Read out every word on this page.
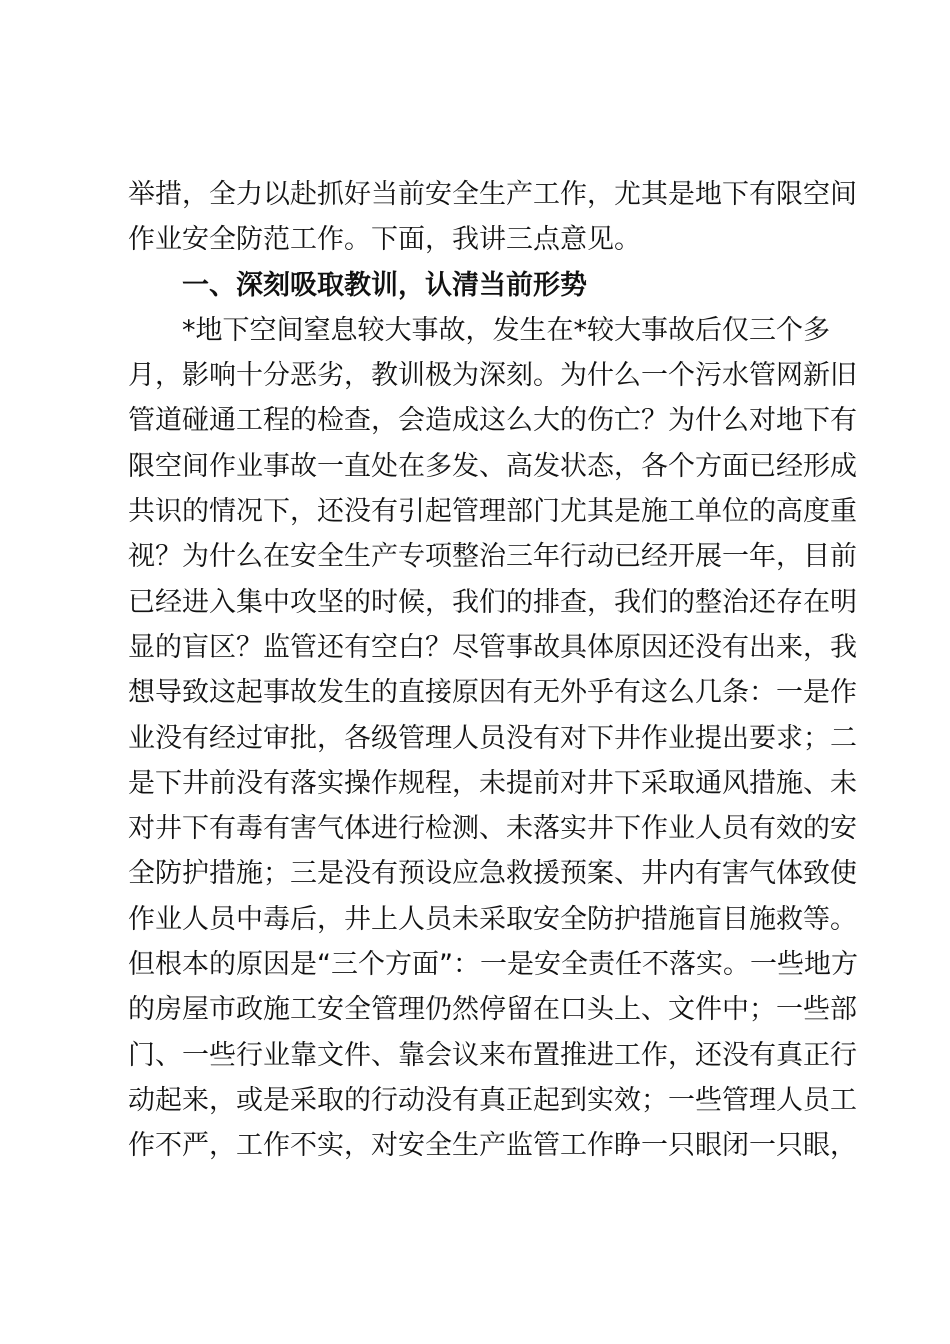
举措，全力以赴抓好当前安全生产工作，尤其是地下有限空间
作业安全防范工作。下面，我讲三点意见。
一、深刻吸取教训，认清当前形势
*地下空间窒息较大事故，发生在*较大事故后仅三个多
月，影响十分恶劣，教训极为深刻。为什么一个污水管网新旧
管道碰通工程的检查，会造成这么大的伤亡？为什么对地下有
限空间作业事故一直处在多发、高发状态，各个方面已经形成
共识的情况下，还没有引起管理部门尤其是施工单位的高度重
视？为什么在安全生产专项整治三年行动已经开展一年，目前
已经进入集中攻坚的时候，我们的排查，我们的整治还存在明
显的盲区？监管还有空白？尽管事故具体原因还没有出来，我
想导致这起事故发生的直接原因有无外乎有这么几条：一是作
业没有经过审批，各级管理人员没有对下井作业提出要求；二
是下井前没有落实操作规程，未提前对井下采取通风措施、未
对井下有毒有害气体进行检测、未落实井下作业人员有效的安
全防护措施；三是没有预设应急救援预案、井内有害气体致使
作业人员中毒后，井上人员未采取安全防护措施盲目施救等。
但根本的原因是“三个方面”：一是安全责任不落实。一些地方
的房屋市政施工安全管理仍然停留在口头上、文件中；一些部
门、一些行业靠文件、靠会议来布置推进工作，还没有真正行
动起来，或是采取的行动没有真正起到实效；一些管理人员工
作不严，工作不实，对安全生产监管工作睁一只眼闭一只眼，
